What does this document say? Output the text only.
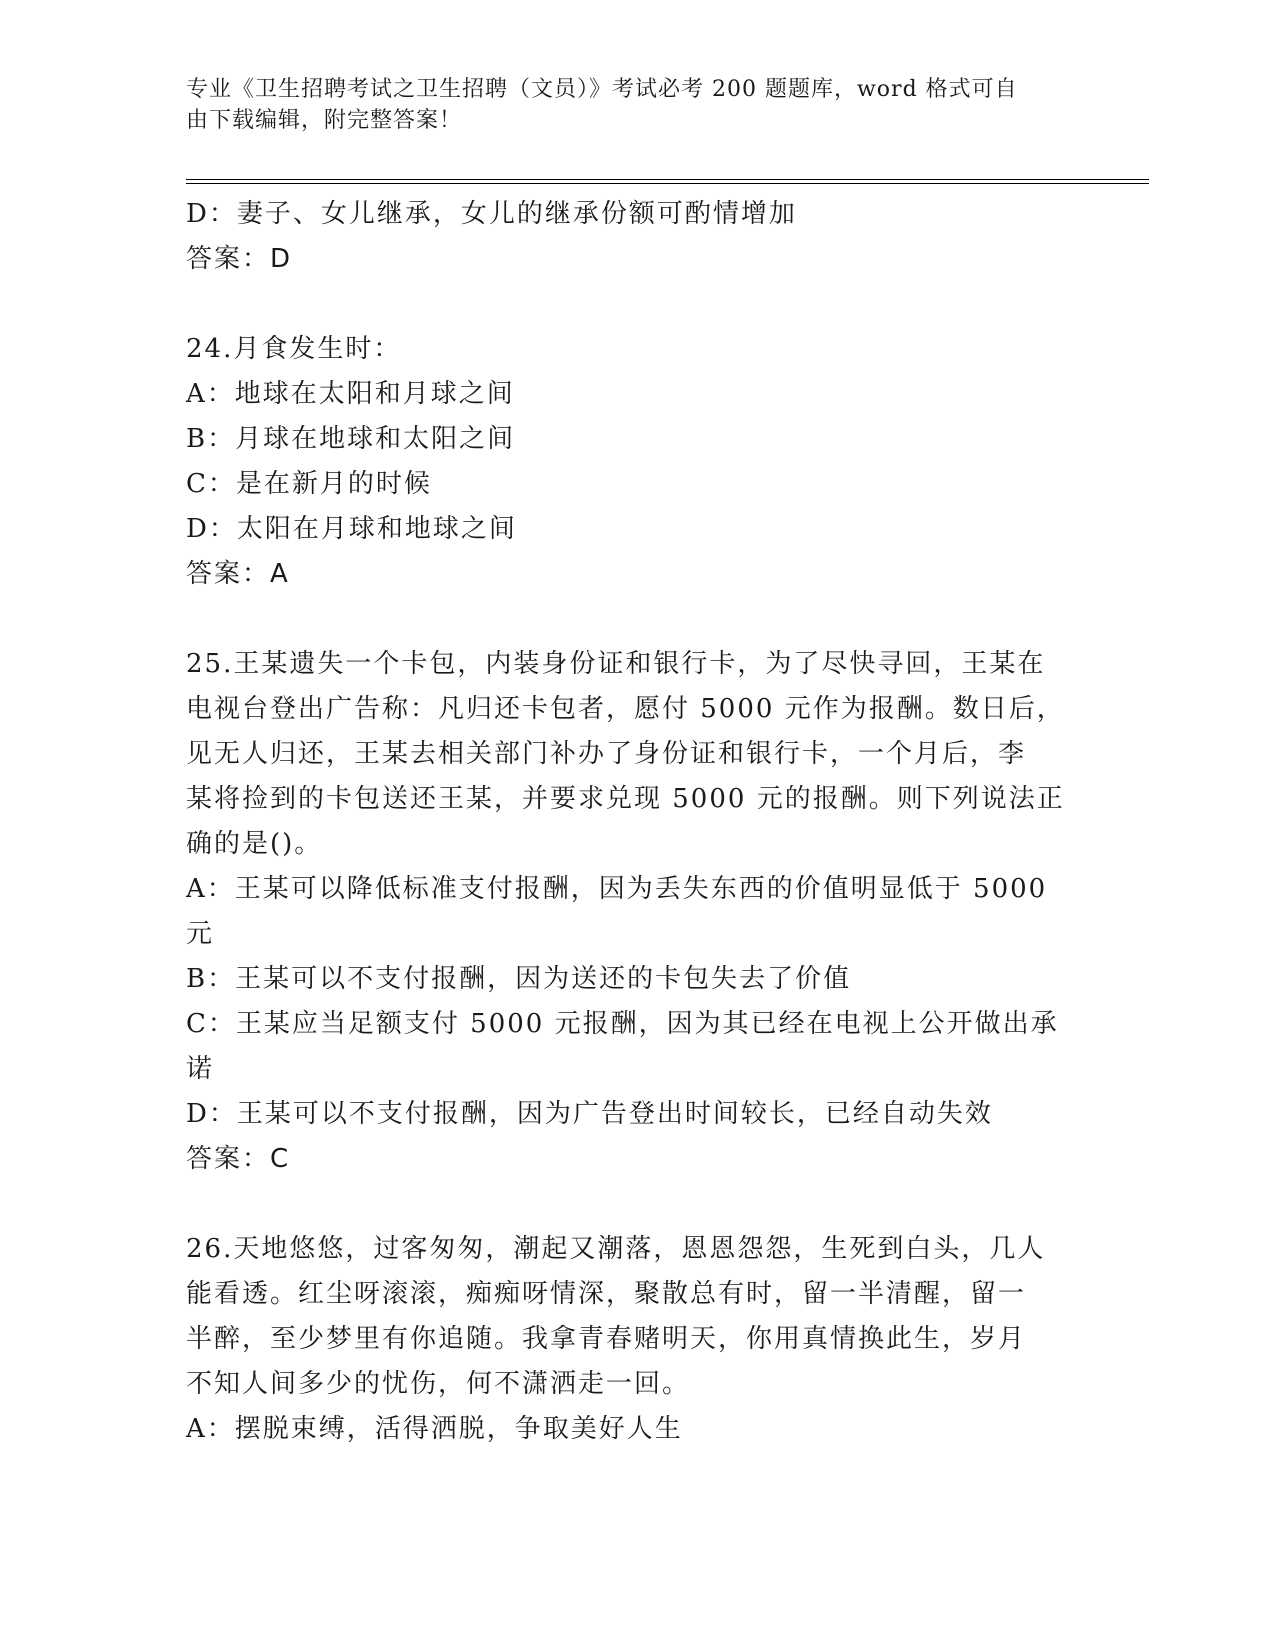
专业《卫生招聘考试之卫生招聘（文员）》考试必考 200 题题库，word 格式可自
由下载编辑，附完整答案！
D：妻子、女儿继承，女儿的继承份额可酌情增加
答案：D
24.月食发生时：
A：地球在太阳和月球之间
B：月球在地球和太阳之间
C：是在新月的时候
D：太阳在月球和地球之间
答案：A
25.王某遗失一个卡包，内装身份证和银行卡，为了尽快寻回，王某在
电视台登出广告称：凡归还卡包者，愿付 5000 元作为报酬。数日后，
见无人归还，王某去相关部门补办了身份证和银行卡，一个月后，李
某将捡到的卡包送还王某，并要求兑现 5000 元的报酬。则下列说法正
确的是()。
A：王某可以降低标准支付报酬，因为丢失东西的价值明显低于 5000
元
B：王某可以不支付报酬，因为送还的卡包失去了价值
C：王某应当足额支付 5000 元报酬，因为其已经在电视上公开做出承
诺
D：王某可以不支付报酬，因为广告登出时间较长，已经自动失效
答案：C
26.天地悠悠，过客匆匆，潮起又潮落，恩恩怨怨，生死到白头，几人
能看透。红尘呀滚滚，痴痴呀情深，聚散总有时，留一半清醒，留一
半醉，至少梦里有你追随。我拿青春赌明天，你用真情换此生，岁月
不知人间多少的忧伤，何不潇洒走一回。
A：摆脱束缚，活得洒脱，争取美好人生
